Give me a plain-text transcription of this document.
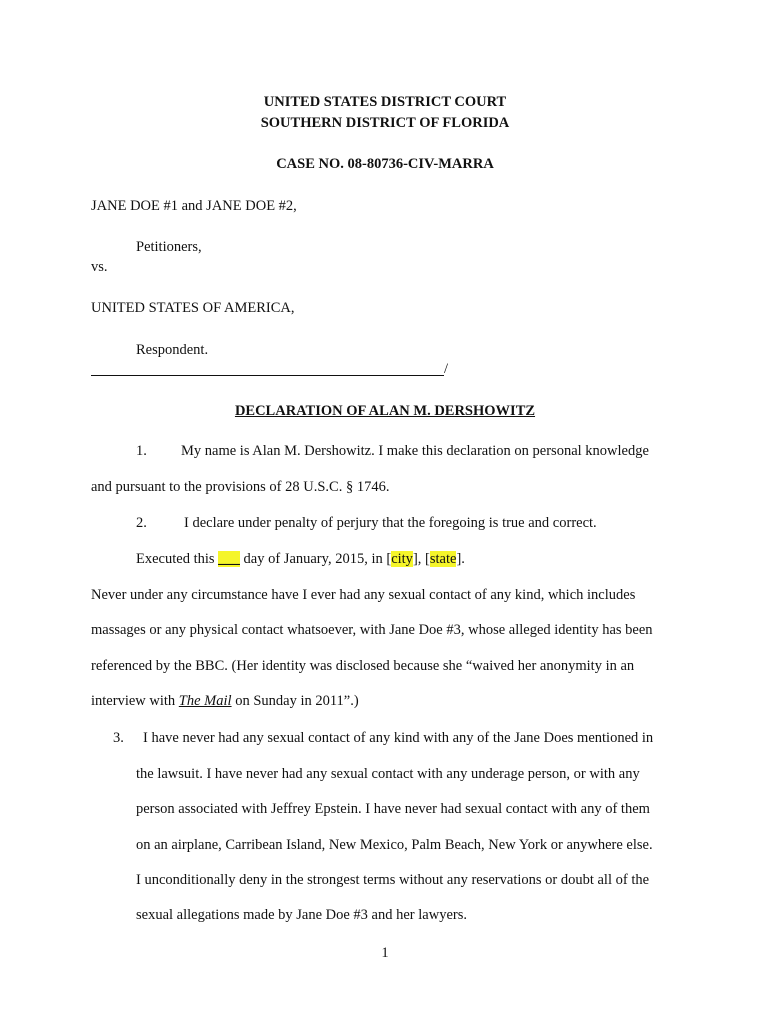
UNITED STATES DISTRICT COURT
SOUTHERN DISTRICT OF FLORIDA
CASE NO. 08-80736-CIV-MARRA
JANE DOE #1 and JANE DOE #2,
Petitioners,
vs.
UNITED STATES OF AMERICA,
Respondent.
/
DECLARATION OF ALAN M. DERSHOWITZ
1. My name is Alan M. Dershowitz. I make this declaration on personal knowledge
and pursuant to the provisions of 28 U.S.C. § 1746.
2.	I declare under penalty of perjury that the foregoing is true and correct.
Executed this ___ day of January, 2015, in [city], [state].
Never under any circumstance have I ever had any sexual contact of any kind, which includes
massages or any physical contact whatsoever, with Jane Doe #3, whose alleged identity has been
referenced by the BBC. (Her identity was disclosed because she “waived her anonymity in an
interview with The Mail on Sunday in 2011”.)
3. I have never had any sexual contact of any kind with any of the Jane Does mentioned in
the lawsuit. I have never had any sexual contact with any underage person, or with any
person associated with Jeffrey Epstein. I have never had sexual contact with any of them
on an airplane, Carribean Island, New Mexico, Palm Beach, New York or anywhere else.
I unconditionally deny in the strongest terms without any reservations or doubt all of the
sexual allegations made by Jane Doe #3 and her lawyers.
1
